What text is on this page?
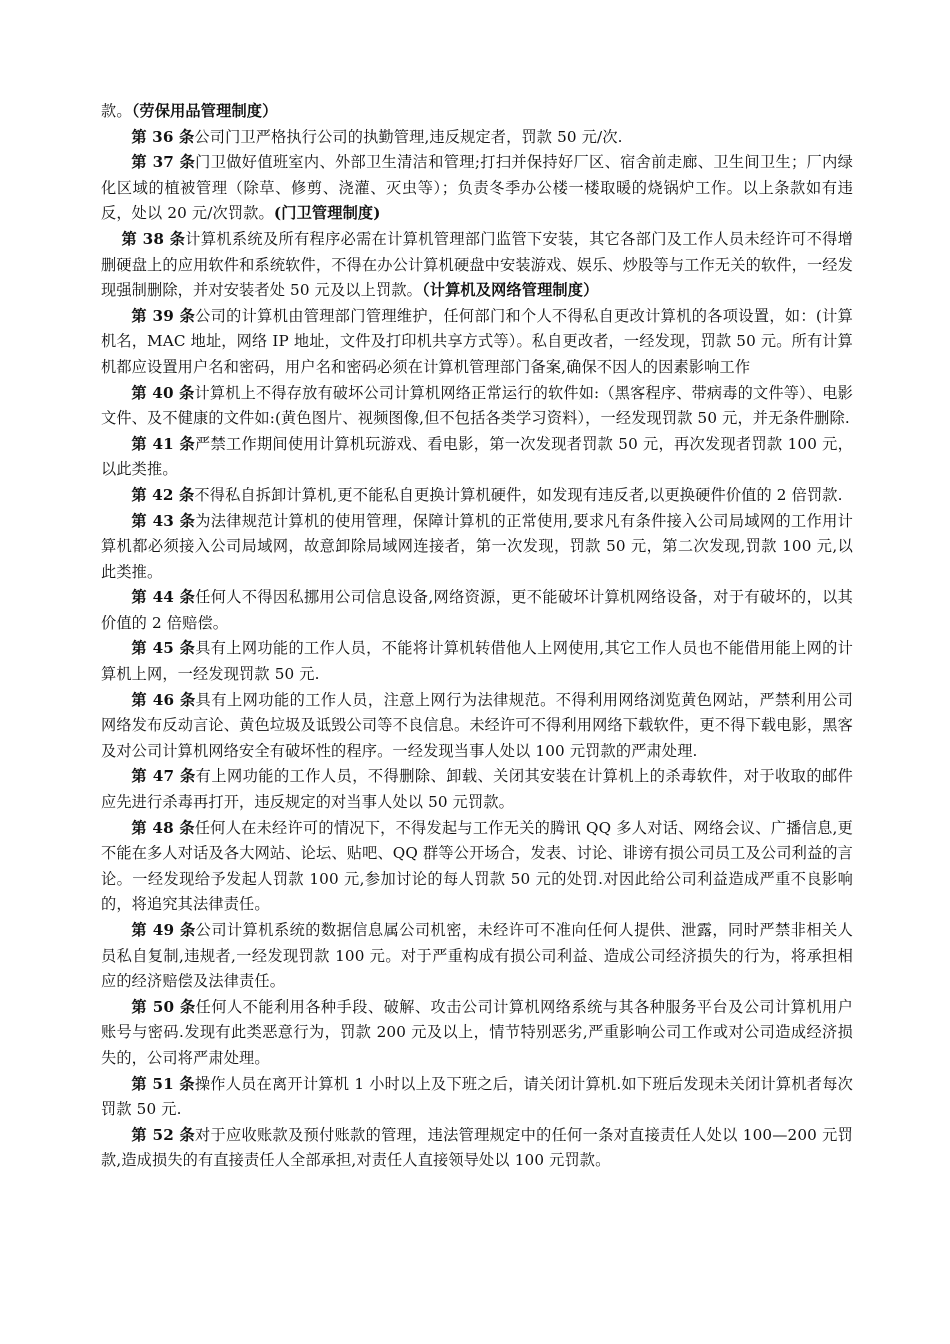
款。（劳保用品管理制度）

第 36 条公司门卫严格执行公司的执勤管理,违反规定者，罚款 50 元/次.

第 37 条门卫做好值班室内、外部卫生清洁和管理;打扫并保持好厂区、宿舍前走廊、卫生间卫生；厂内绿化区域的植被管理（除草、修剪、浇灌、灭虫等）；负责冬季办公楼一楼取暖的烧锅炉工作。以上条款如有违反，处以 20 元/次罚款。(门卫管理制度)

第 38 条计算机系统及所有程序必需在计算机管理部门监管下安装，其它各部门及工作人员未经许可不得增删硬盘上的应用软件和系统软件，不得在办公计算机硬盘中安装游戏、娱乐、炒股等与工作无关的软件，一经发现强制删除，并对安装者处 50 元及以上罚款。（计算机及网络管理制度）

第 39 条公司的计算机由管理部门管理维护，任何部门和个人不得私自更改计算机的各项设置，如：(计算机名，MAC 地址，网络 IP 地址，文件及打印机共享方式等）。私自更改者，一经发现，罚款 50 元。所有计算机都应设置用户名和密码，用户名和密码必须在计算机管理部门备案,确保不因人的因素影响工作

第 40 条计算机上不得存放有破坏公司计算机网络正常运行的软件如:（黑客程序、带病毒的文件等）、电影文件、及不健康的文件如:(黄色图片、视频图像,但不包括各类学习资料），一经发现罚款 50 元，并无条件删除.

第 41 条严禁工作期间使用计算机玩游戏、看电影，第一次发现者罚款 50 元，再次发现者罚款 100 元，以此类推。

第 42 条不得私自拆卸计算机,更不能私自更换计算机硬件，如发现有违反者,以更换硬件价值的 2 倍罚款.

第 43 条为法律规范计算机的使用管理，保障计算机的正常使用,要求凡有条件接入公司局域网的工作用计算机都必须接入公司局域网，故意卸除局域网连接者，第一次发现，罚款 50 元，第二次发现,罚款 100 元,以此类推。

第 44 条任何人不得因私挪用公司信息设备,网络资源，更不能破坏计算机网络设备，对于有破坏的，以其价值的 2 倍赔偿。

第 45 条具有上网功能的工作人员，不能将计算机转借他人上网使用,其它工作人员也不能借用能上网的计算机上网，一经发现罚款 50 元.

第 46 条具有上网功能的工作人员，注意上网行为法律规范。不得利用网络浏览黄色网站，严禁利用公司网络发布反动言论、黄色垃圾及诋毁公司等不良信息。未经许可不得利用网络下载软件，更不得下载电影，黑客及对公司计算机网络安全有破坏性的程序。一经发现当事人处以 100 元罚款的严肃处理.

第 47 条有上网功能的工作人员，不得删除、卸载、关闭其安装在计算机上的杀毒软件，对于收取的邮件应先进行杀毒再打开，违反规定的对当事人处以 50 元罚款。

第 48 条任何人在未经许可的情况下，不得发起与工作无关的腾讯 QQ 多人对话、网络会议、广播信息,更不能在多人对话及各大网站、论坛、贴吧、QQ 群等公开场合，发表、讨论、诽谤有损公司员工及公司利益的言论。一经发现给予发起人罚款 100 元,参加讨论的每人罚款 50 元的处罚.对因此给公司利益造成严重不良影响的，将追究其法律责任。

第 49 条公司计算机系统的数据信息属公司机密，未经许可不准向任何人提供、泄露，同时严禁非相关人员私自复制,违规者,一经发现罚款 100 元。对于严重构成有损公司利益、造成公司经济损失的行为，将承担相应的经济赔偿及法律责任。

第 50 条任何人不能利用各种手段、破解、攻击公司计算机网络系统与其各种服务平台及公司计算机用户账号与密码.发现有此类恶意行为，罚款 200 元及以上，情节特别恶劣,严重影响公司工作或对公司造成经济损失的，公司将严肃处理。

第 51 条操作人员在离开计算机 1 小时以上及下班之后，请关闭计算机.如下班后发现未关闭计算机者每次罚款 50 元.

第 52 条对于应收账款及预付账款的管理，违法管理规定中的任何一条对直接责任人处以 100—200 元罚款,造成损失的有直接责任人全部承担,对责任人直接领导处以 100 元罚款。
